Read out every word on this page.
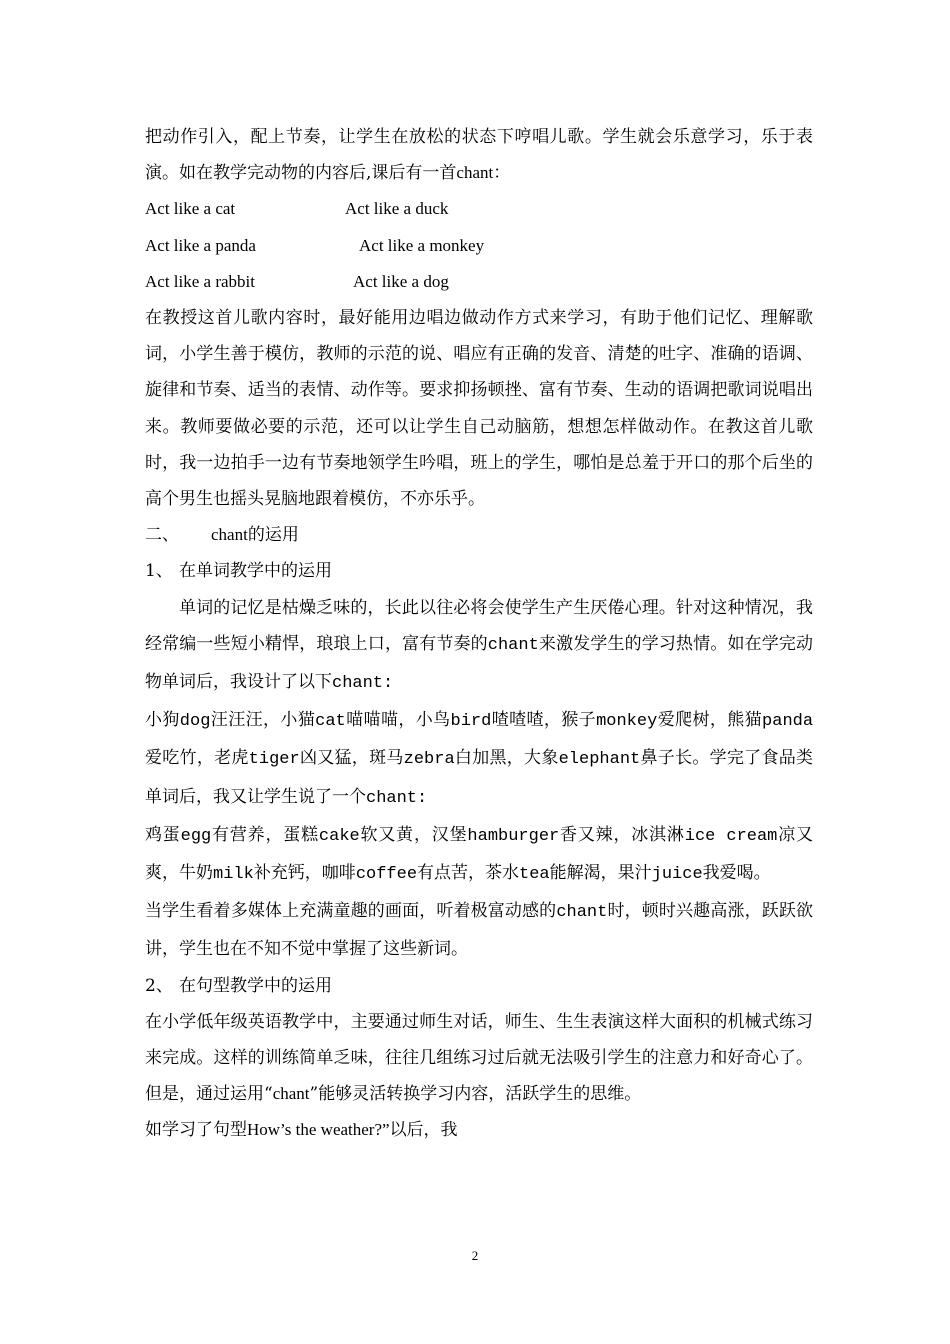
把动作引入，配上节奏，让学生在放松的状态下哼唱儿歌。学生就会乐意学习，乐于表演。如在教学完动物的内容后,课后有一首chant：

Act like a cat	Act like a duck
Act like a panda	Act like a monkey
Act like a rabbit	Act like a dog

在教授这首儿歌内容时，最好能用边唱边做动作方式来学习，有助于他们记忆、理解歌词，小学生善于模仿，教师的示范的说、唱应有正确的发音、清楚的吐字、准确的语调、旋律和节奏、适当的表情、动作等。要求抑扬顿挫、富有节奏、生动的语调把歌词说唱出来。教师要做必要的示范，还可以让学生自己动脑筋，想想怎样做动作。在教这首儿歌时，我一边拍手一边有节奏地领学生吟唱，班上的学生，哪怕是总羞于开口的那个后坐的高个男生也摇头晃脑地跟着模仿，不亦乐乎。

二、	chant的运用
1、 在单词教学中的运用

单词的记忆是枯燥乏味的，长此以往必将会使学生产生厌倦心理。针对这种情况，我经常编一些短小精悍，琅琅上口，富有节奏的chant来激发学生的学习热情。如在学完动物单词后，我设计了以下chant:

小狗dog汪汪汪，小猫cat喵喵喵，小鸟bird喳喳喳，猴子monkey爱爬树，熊猫panda爱吃竹，老虎tiger凶又猛，斑马zebra白加黑，大象elephant鼻子长。学完了食品类单词后，我又让学生说了一个chant:

鸡蛋egg有营养，蛋糕cake软又黄，汉堡hamburger香又辣，冰淇淋ice cream凉又爽，牛奶milk补充钙，咖啡coffee有点苦，茶水tea能解渴，果汁juice我爱喝。

当学生看着多媒体上充满童趣的画面，听着极富动感的chant时，顿时兴趣高涨，跃跃欲讲，学生也在不知不觉中掌握了这些新词。

2、 在句型教学中的运用

在小学低年级英语教学中，主要通过师生对话，师生、生生表演这样大面积的机械式练习来完成。这样的训练简单乏味，往往几组练习过后就无法吸引学生的注意力和好奇心了。但是，通过运用“chant”能够灵活转换学习内容，活跃学生的思维。

如学习了句型How’s the weather?”以后，我

2
